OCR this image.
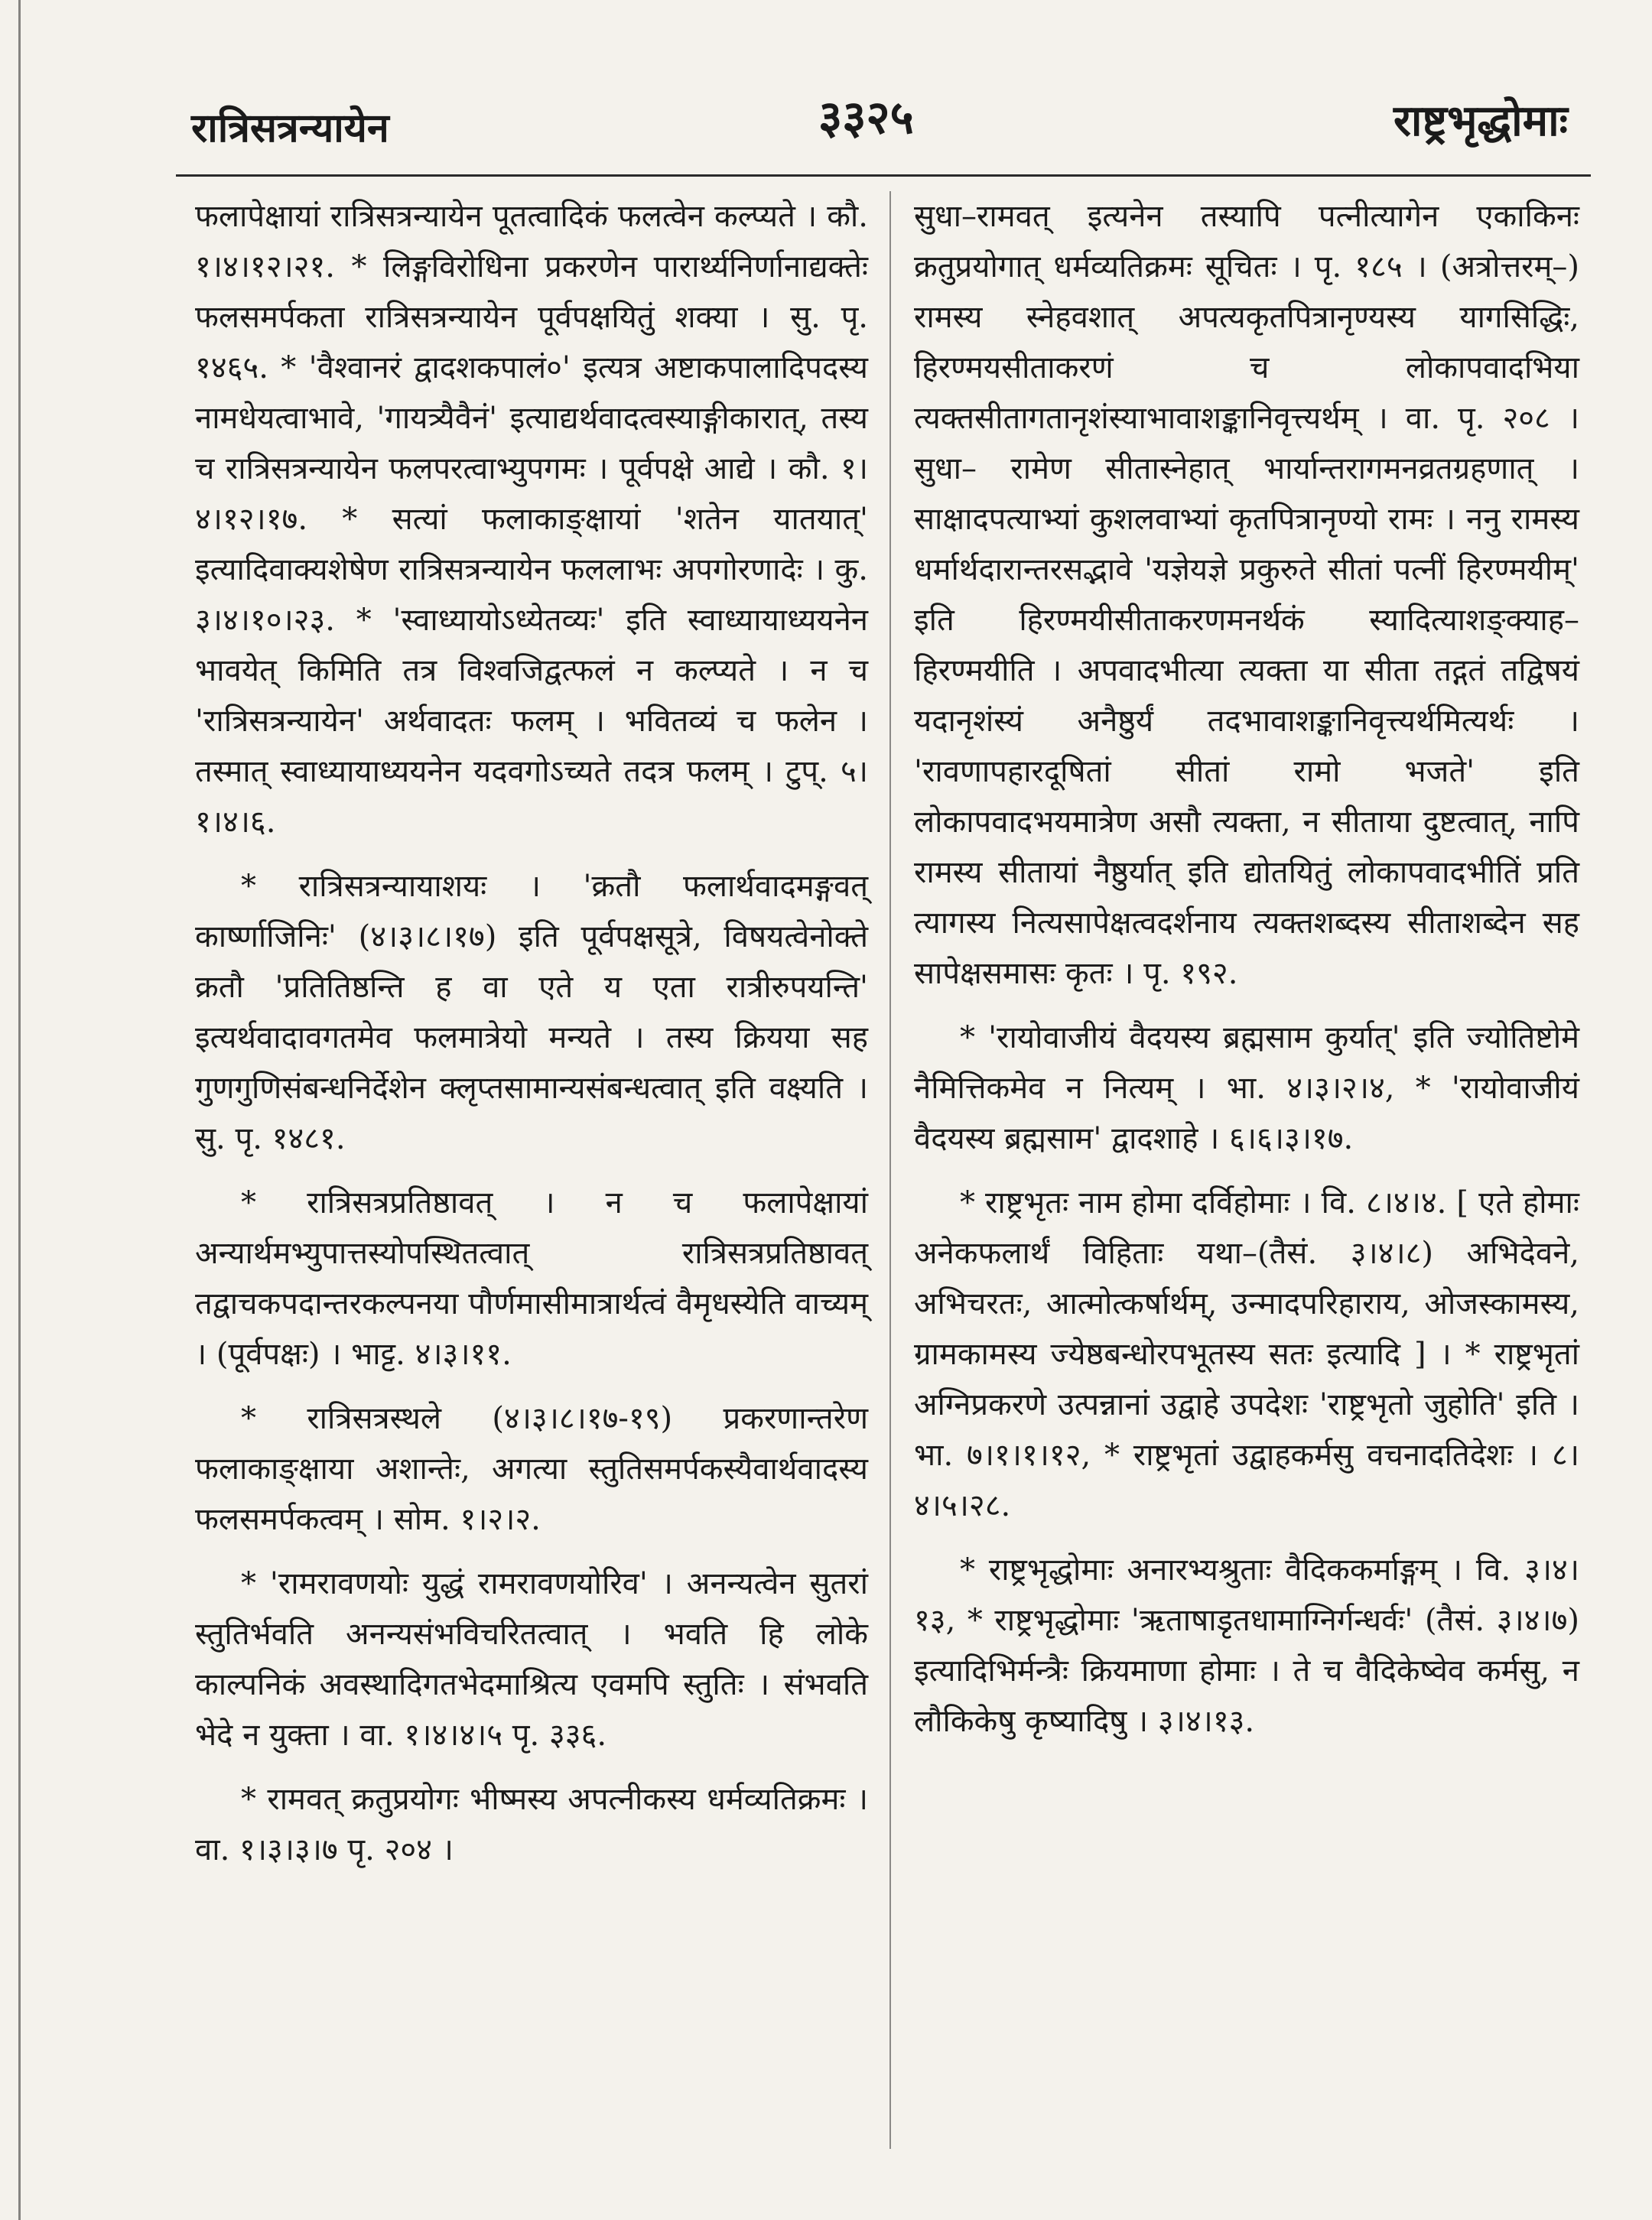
रात्रिसत्रन्यायेन	३३२५	राष्ट्रभृद्धोमाः

फलापेक्षायां रात्रिसत्रन्यायेन पूतत्वादिकं फलत्वेन कल्प्यते । कौ. १।४।१२।२१. * लिङ्गविरोधिना प्रकरणेन पारार्थ्यनिर्णानाद्यक्तेः फलसमर्पकता रात्रिसत्रन्यायेन पूर्वपक्षयितुं शक्या । सु. पृ. १४६५. * 'वैश्वानरं द्वादशकपालं०' इत्यत्र अष्टाकपालादिपदस्य नामधेयत्वाभावे, 'गायत्र्यैवैनं' इत्याद्यर्थवादत्वस्याङ्गीकारात्, तस्य च रात्रिसत्रन्यायेन फलपरत्वाभ्युपगमः । पूर्वपक्षे आद्ये । कौ. १।४।१२।१७. * सत्यां फलाकाङ्क्षायां 'शतेन यातयात्' इत्यादिवाक्यशेषेण रात्रिसत्रन्यायेन फललाभः अपगोरणादेः । कु. ३।४।१०।२३. * 'स्वाध्यायोऽध्येतव्यः' इति स्वाध्यायाध्ययनेन भावयेत् किमिति तत्र विश्वजिद्वत्फलं न कल्प्यते । न च 'रात्रिसत्रन्यायेन' अर्थवादतः फलम् । भवितव्यं च फलेन । तस्मात् स्वाध्यायाध्ययनेन यदवगोऽच्यते तदत्र फलम् । टुप्. ५।१।४।६.

* रात्रिसत्रन्यायाशयः । 'क्रतौ फलार्थवादमङ्गवत् कार्ष्णाजिनिः' (४।३।८।१७) इति पूर्वपक्षसूत्रे, विषयत्वेनोक्ते क्रतौ 'प्रतितिष्ठन्ति ह वा एते य एता रात्रीरुपयन्ति' इत्यर्थवादावगतमेव फलमात्रेयो मन्यते । तस्य क्रियया सह गुणगुणिसंबन्धनिर्देशेन क्लृप्तसामान्यसंबन्धत्वात् इति वक्ष्यति । सु. पृ. १४८१.

* रात्रिसत्रप्रतिष्ठावत् । न च फलापेक्षायां अन्यार्थमभ्युपात्तस्योपस्थितत्वात् रात्रिसत्रप्रतिष्ठावत् तद्वाचकपदान्तरकल्पनया पौर्णमासीमात्रार्थत्वं वैमृधस्येति वाच्यम् । (पूर्वपक्षः) । भाट्ट. ४।३।११.

* रात्रिसत्रस्थले (४।३।८।१७-१९) प्रकरणान्तरेण फलाकाङ्क्षाया अशान्तेः, अगत्या स्तुतिसमर्पकस्यैवार्थवादस्य फलसमर्पकत्वम् । सोम. १।२।२.

* 'रामरावणयोः युद्धं रामरावणयोरिव' । अनन्यत्वेन सुतरां स्तुतिर्भवति अनन्यसंभविचरितत्वात् । भवति हि लोके काल्पनिकं अवस्थादिगतभेदमाश्रित्य एवमपि स्तुतिः । संभवति भेदे न युक्ता । वा. १।४।४।५ पृ. ३३६.

* रामवत् क्रतुप्रयोगः भीष्मस्य अपत्नीकस्य धर्मव्यतिक्रमः । वा. १।३।३।७ पृ. २०४ ।

सुधा–रामवत् इत्यनेन तस्यापि पत्नीत्यागेन एकाकिनः क्रतुप्रयोगात् धर्मव्यतिक्रमः सूचितः । पृ. १८५ । (अत्रोत्तरम्–) रामस्य स्नेहवशात् अपत्यकृतपित्रानृण्यस्य यागसिद्धिः, हिरण्मयसीताकरणं च लोकापवादभिया त्यक्तसीतागतानृशंस्याभावाशङ्कानिवृत्त्यर्थम् । वा. पृ. २०८ । सुधा– रामेण सीतास्नेहात् भार्यान्तरागमनव्रतग्रहणात् । साक्षादपत्याभ्यां कुशलवाभ्यां कृतपित्रानृण्यो रामः । ननु रामस्य धर्मार्थदारान्तरसद्भावे 'यज्ञेयज्ञे प्रकुरुते सीतां पत्नीं हिरण्मयीम्' इति हिरण्मयीसीताकरणमनर्थकं स्यादित्याशङ्क्याह–हिरण्मयीति । अपवादभीत्या त्यक्ता या सीता तद्गतं तद्विषयं यदानृशंस्यं अनैष्ठुर्यं तदभावाशङ्कानिवृत्त्यर्थमित्यर्थः । 'रावणापहारदूषितां सीतां रामो भजते' इति लोकापवादभयमात्रेण असौ त्यक्ता, न सीताया दुष्टत्वात्, नापि रामस्य सीतायां नैष्ठुर्यात् इति द्योतयितुं लोकापवादभीतिं प्रति त्यागस्य नित्यसापेक्षत्वदर्शनाय त्यक्तशब्दस्य सीताशब्देन सह सापेक्षसमासः कृतः । पृ. १९२.

* 'रायोवाजीयं वैदयस्य ब्रह्मसाम कुर्यात्' इति ज्योतिष्टोमे नैमित्तिकमेव न नित्यम् । भा. ४।३।२।४, * 'रायोवाजीयं वैदयस्य ब्रह्मसाम' द्वादशाहे । ६।६।३।१७.

* राष्ट्रभृतः नाम होमा दर्विहोमाः । वि. ८।४।४. [ एते होमाः अनेकफलार्थं विहिताः यथा–(तैसं. ३।४।८) अभिदेवने, अभिचरतः, आत्मोत्कर्षार्थम्, उन्मादपरिहाराय, ओजस्कामस्य, ग्रामकामस्य ज्येष्ठबन्धोरपभूतस्य सतः इत्यादि ] । * राष्ट्रभृतां अग्निप्रकरणे उत्पन्नानां उद्वाहे उपदेशः 'राष्ट्रभृतो जुहोति' इति । भा. ७।१।१।१२, * राष्ट्रभृतां उद्वाहकर्मसु वचनादतिदेशः । ८।४।५।२८.

* राष्ट्रभृद्धोमाः अनारभ्यश्रुताः वैदिककर्माङ्गम् । वि. ३।४।१३, * राष्ट्रभृद्धोमाः 'ऋताषाडृतधामाग्निर्गन्धर्वः' (तैसं. ३।४।७) इत्यादिभिर्मन्त्रैः क्रियमाणा होमाः । ते च वैदिकेष्वेव कर्मसु, न लौकिकेषु कृष्यादिषु । ३।४।१३.
